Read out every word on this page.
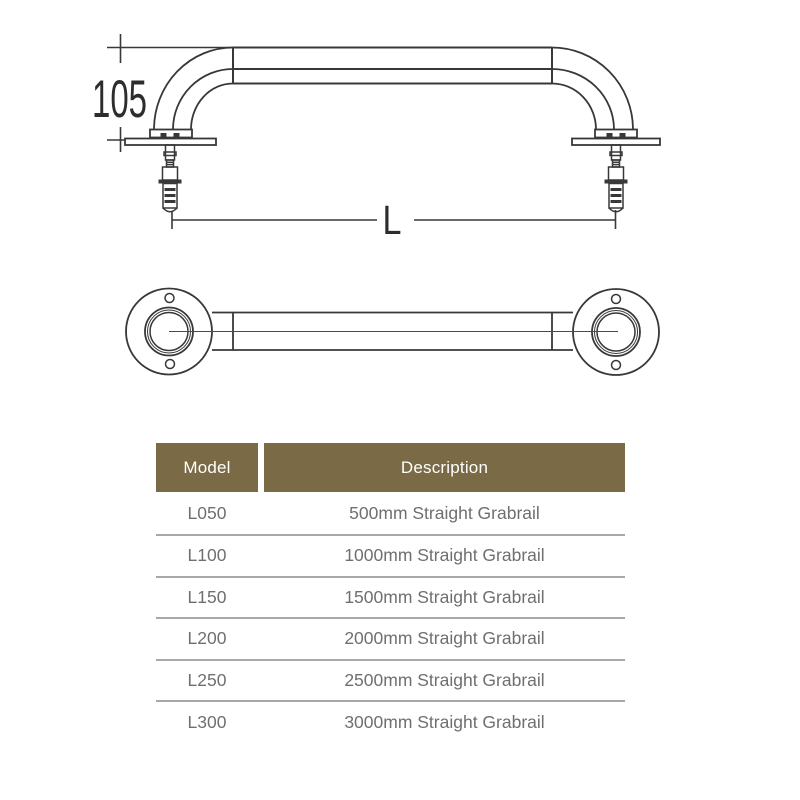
105
L
Model	Description
L050	500mm Straight Grabrail
L100	1000mm Straight Grabrail
L150	1500mm Straight Grabrail
L200	2000mm Straight Grabrail
L250	2500mm Straight Grabrail
L300	3000mm Straight Grabrail
